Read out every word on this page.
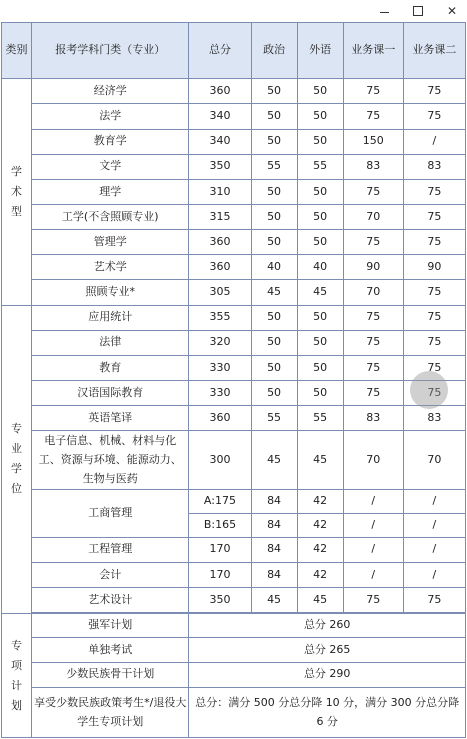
✕
类别	报考学科门类（专业）	总分	政治	外语	业务课一	业务课二

学
术
型	经济学	360	50	50	75	75
	法学	340	50	50	75	75
	教育学	340	50	50	150	/
	文学	350	55	55	83	83
	理学	310	50	50	75	75
	工学(不含照顾专业)	315	50	50	70	75
	管理学	360	50	50	75	75
	艺术学	360	40	40	90	90
	照顾专业*	305	45	45	70	75

专
业
学
位	应用统计	355	50	50	75	75
	法律	320	50	50	75	75
	教育	330	50	50	75	75
	汉语国际教育	330	50	50	75	75
	英语笔译	360	55	55	83	83
	电子信息、机械、材料与化工、资源与环境、能源动力、生物与医药	300	45	45	70	70
	工商管理	A:175	84	42	/	/
		B:165	84	42	/	/
	工程管理	170	84	42	/	/
	会计	170	84	42	/	/
	艺术设计	350	45	45	75	75

专
项
计
划	强军计划	总分 260				
	单独考试	总分 265				
	少数民族骨干计划	总分 290				
	享受少数民族政策考生*/退役大学生专项计划	总分：满分 500 分总分降 10 分，满分 300 分总分降 6 分				
